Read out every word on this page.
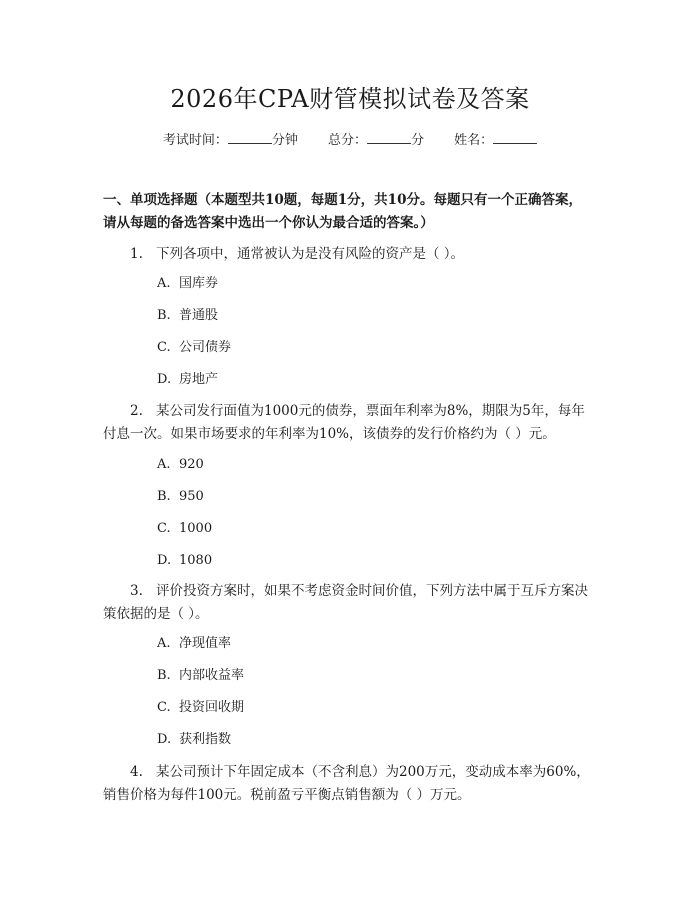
2026年CPA财管模拟试卷及答案
考试时间：	分钟 总分：	分 姓名：
一、单项选择题（本题型共10题，每题1分，共10分。每题只有一个正确答案，请从每题的备选答案中选出一个你认为最合适的答案。）
1. 下列各项中，通常被认为是没有风险的资产是（ ）。
A. 国库券
B. 普通股
C. 公司债券
D. 房地产
2. 某公司发行面值为1000元的债券，票面年利率为8%，期限为5年，每年付息一次。如果市场要求的年利率为10%，该债券的发行价格约为（ ）元。
A. 920
B. 950
C. 1000
D. 1080
3. 评价投资方案时，如果不考虑资金时间价值，下列方法中属于互斥方案决策依据的是（ ）。
A. 净现值率
B. 内部收益率
C. 投资回收期
D. 获利指数
4. 某公司预计下年固定成本（不含利息）为200万元，变动成本率为60%，销售价格为每件100元。税前盈亏平衡点销售额为（ ）万元。
